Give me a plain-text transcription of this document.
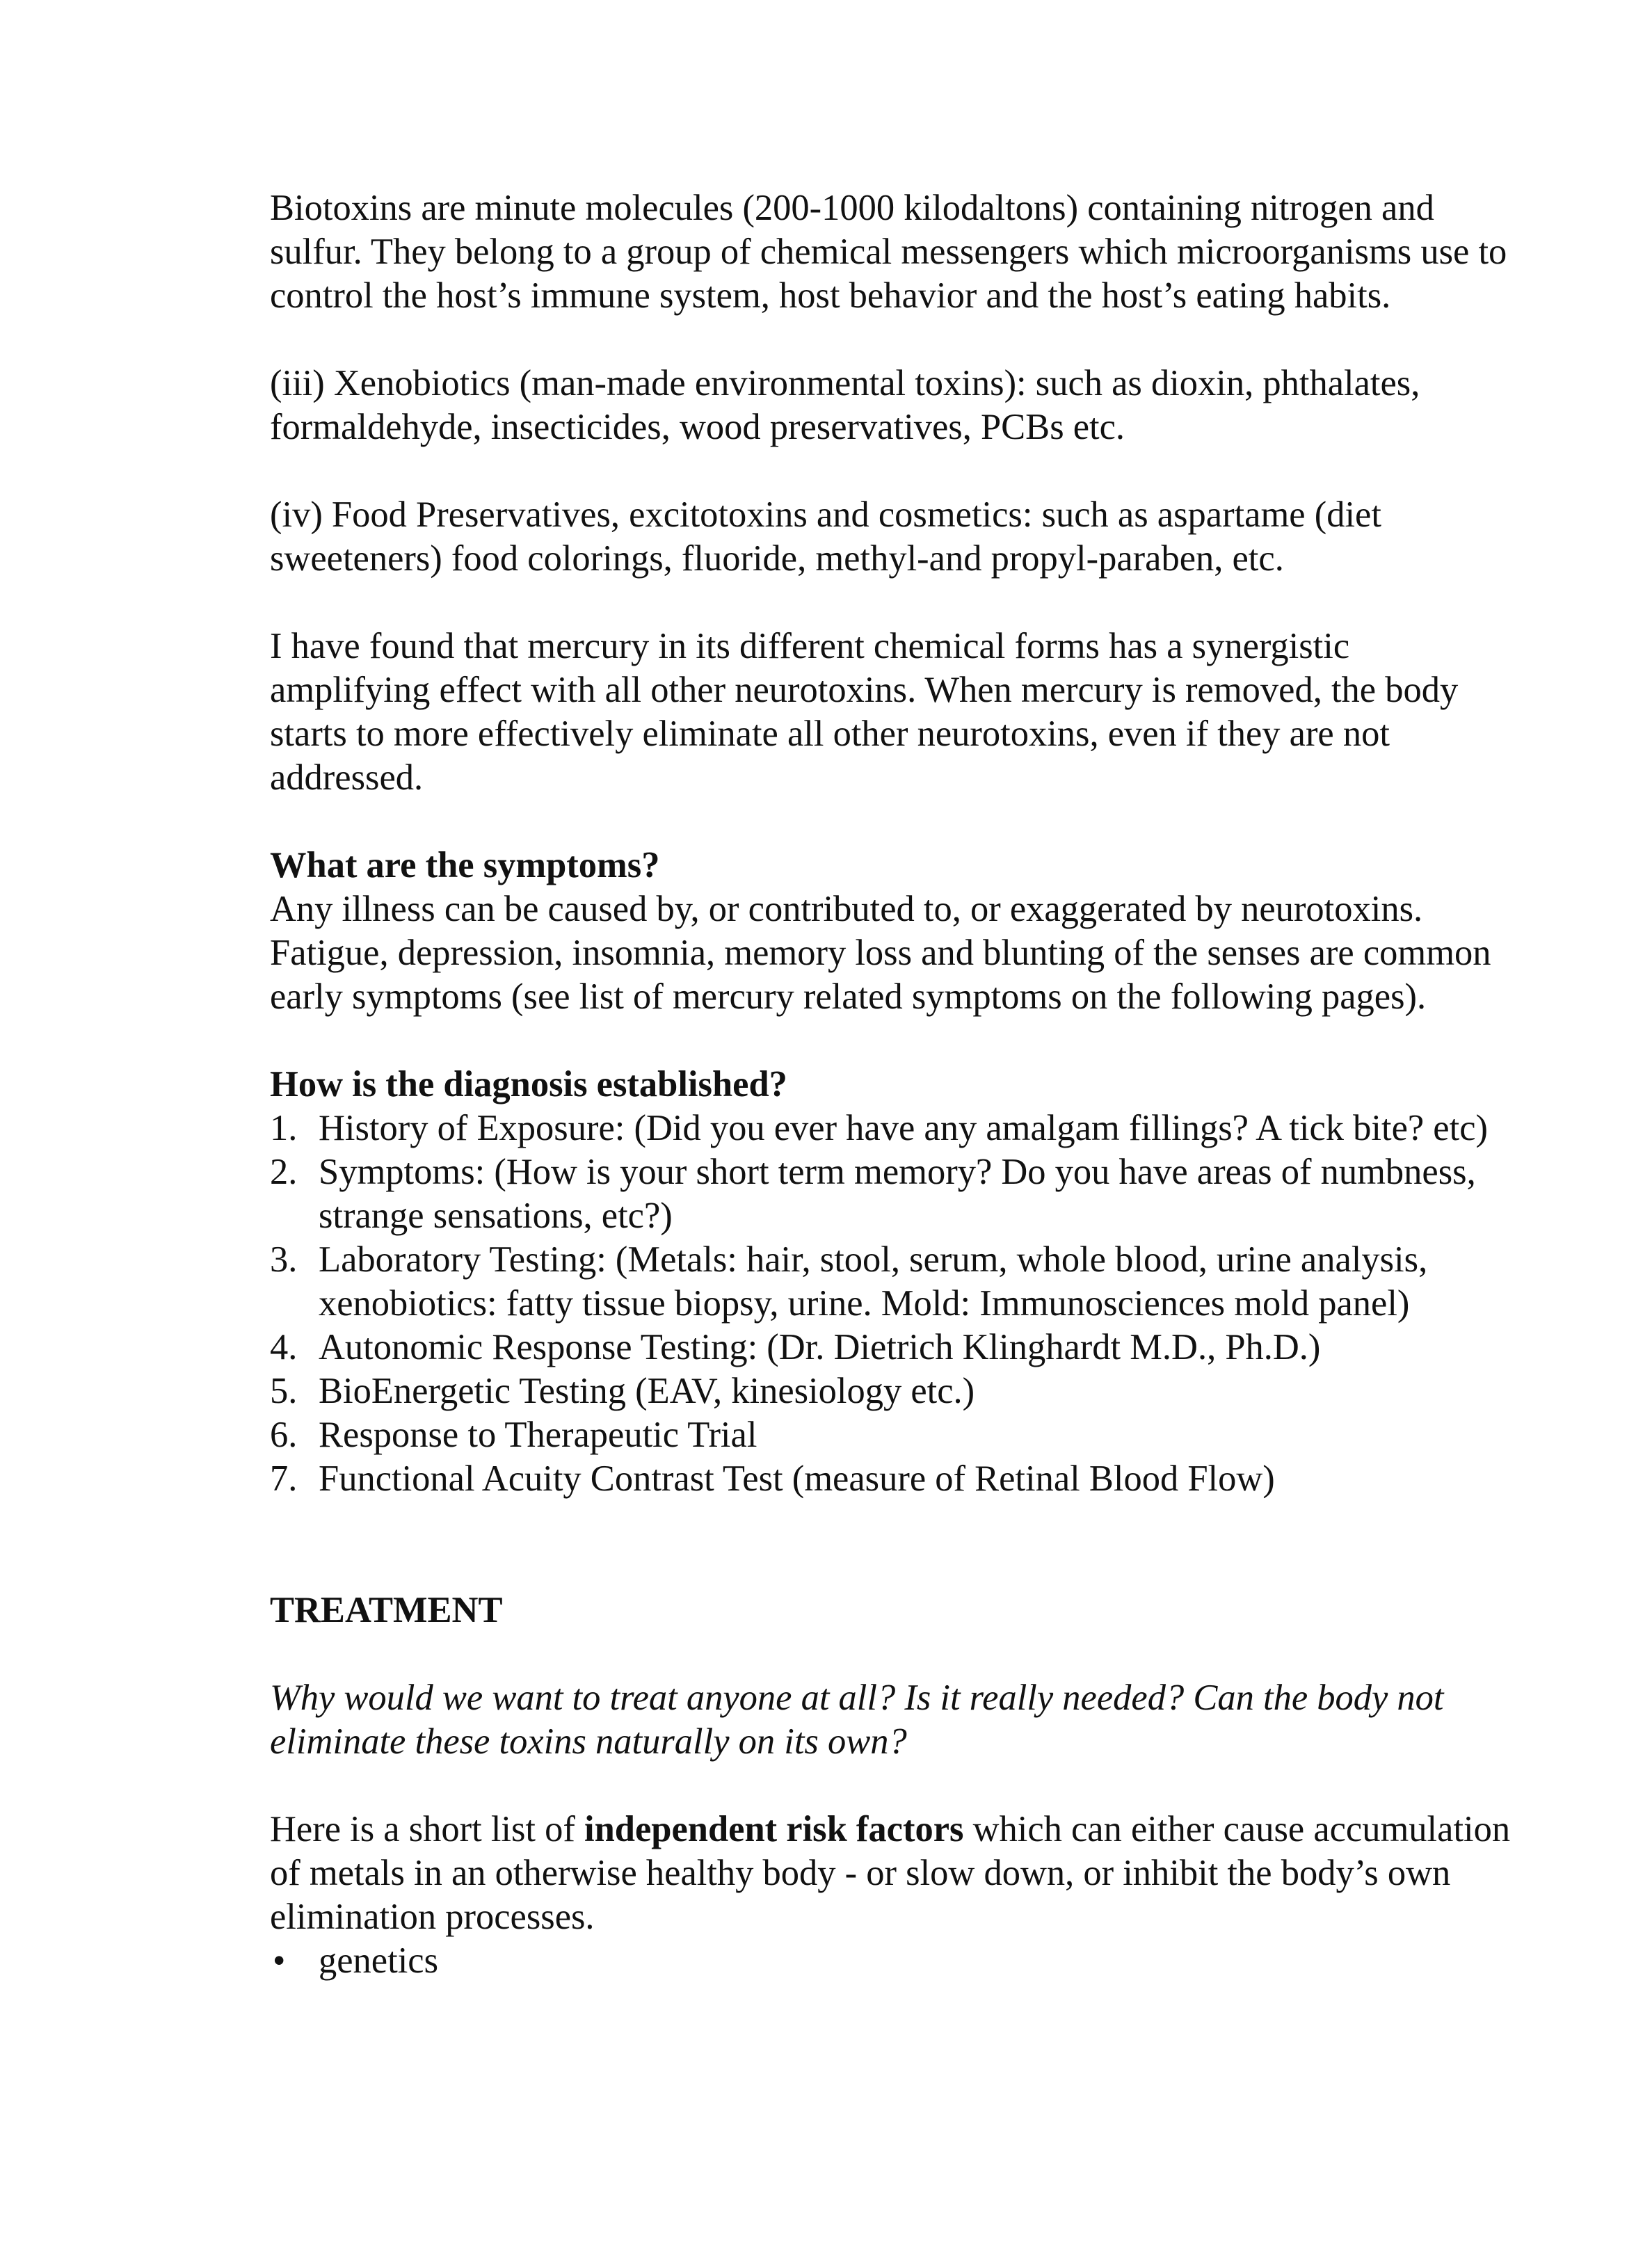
Biotoxins are minute molecules (200-1000 kilodaltons) containing nitrogen and sulfur. They belong to a group of chemical messengers which microorganisms use to control the host’s immune system, host behavior and the host’s eating habits.

(iii) Xenobiotics (man-made environmental toxins): such as dioxin, phthalates, formaldehyde, insecticides, wood preservatives, PCBs etc.

(iv) Food Preservatives, excitotoxins and cosmetics: such as aspartame (diet sweeteners) food colorings, fluoride, methyl-and propyl-paraben, etc.

I have found that mercury in its different chemical forms has a synergistic amplifying effect with all other neurotoxins. When mercury is removed, the body starts to more effectively eliminate all other neurotoxins, even if they are not addressed.

What are the symptoms?

Any illness can be caused by, or contributed to, or exaggerated by neurotoxins. Fatigue, depression, insomnia, memory loss and blunting of the senses are common early symptoms (see list of mercury related symptoms on the following pages).

How is the diagnosis established?

1. History of Exposure: (Did you ever have any amalgam fillings? A tick bite? etc)
2. Symptoms: (How is your short term memory? Do you have areas of numbness, strange sensations, etc?)
3. Laboratory Testing: (Metals: hair, stool, serum, whole blood, urine analysis, xenobiotics: fatty tissue biopsy, urine. Mold: Immunosciences mold panel)
4. Autonomic Response Testing: (Dr. Dietrich Klinghardt M.D., Ph.D.)
5. BioEnergetic Testing (EAV, kinesiology etc.)
6. Response to Therapeutic Trial
7. Functional Acuity Contrast Test (measure of Retinal Blood Flow)

TREATMENT

Why would we want to treat anyone at all? Is it really needed? Can the body not eliminate these toxins naturally on its own?

Here is a short list of independent risk factors which can either cause accumulation of metals in an otherwise healthy body - or slow down, or inhibit the body’s own elimination processes.

• genetics
